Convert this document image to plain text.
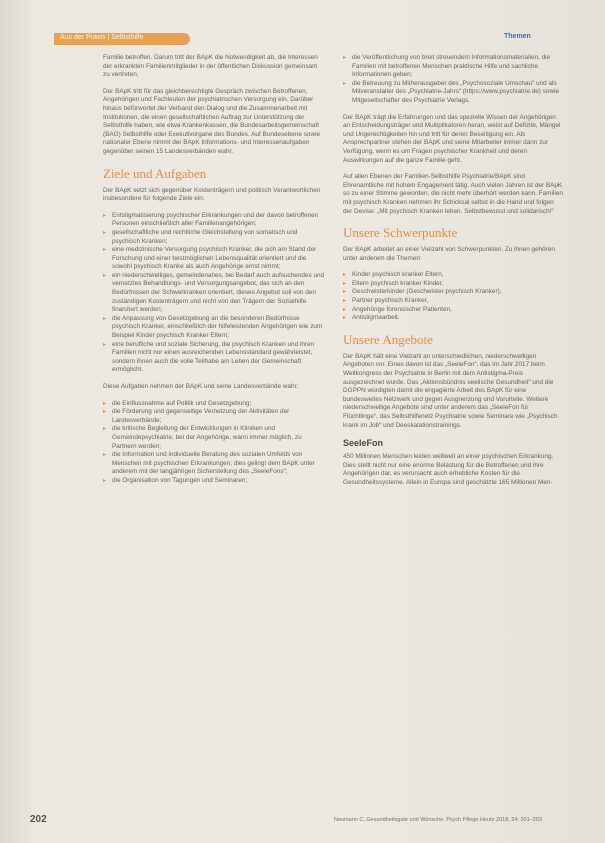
Aus der Praxis | Selbsthilfe	Themen

Familie betroffen. Darum tritt der BApK die Notwendigkeit ab, die Interessen der erkrankten Familienmitglieder in der öffentlichen Diskussion gemeinsam zu vertreten.

Der BApK tritt für das gleichberechtigte Gespräch zwischen Betroffenen, Angehörigen und Fachleuten der psychiatrischen Versorgung ein. Darüber hinaus befürwortet der Verband den Dialog und die Zusammenarbeit mit Institutionen, die einen gesellschaftlichen Auftrag zur Unterstützung der Selbsthilfe haben, wie etwa Krankenkassen, die Bundesarbeitsgemeinschaft (BAG) Selbsthilfe oder Exekutivorgane des Bundes. Auf Bundesebene sowie nationaler Ebene nimmt der BApK Informations- und Interessenaufgaben gegenüber seinen 15 Landesverbänden wahr.

Ziele und Aufgaben

Der BApK setzt sich gegenüber Kostenträgern und politisch Verantwortlichen insbesondere für folgende Ziele ein:

▸ Entstigmatisierung psychischer Erkrankungen und der davon betroffenen Personen einschließlich aller Familienangehörigen;
▸ gesellschaftliche und rechtliche Gleichstellung von somatisch und psychisch Kranken;
▸ eine medizinische Versorgung psychisch Kranker, die sich am Stand der Forschung und einer bestmöglichen Lebensqualität orientiert und die sowohl psychisch Kranke als auch Angehörige ernst nimmt;
▸ ein niederschwelliges, gemeindenahes, bei Bedarf auch aufsuchendes und vernetztes Behandlungs- und Versorgungsangebot, das sich an den Bedürfnissen der Schwerkranken orientiert, dieses Angebot soll von den zuständigen Kostenträgern und nicht von den Trägern der Sozialhilfe finanziert werden;
▸ die Anpassung von Gesetzgebung an die besonderen Bedürfnisse psychisch Kranker, einschließlich der hilfeleistenden Angehörigen wie zum Beispiel Kinder psychisch Kranker Eltern;
▸ eine berufliche und soziale Sicherung, die psychisch Kranken und ihren Familien nicht nur einen ausreichenden Lebensstandard gewährleistet, sondern ihnen auch die volle Teilhabe am Leben der Gemeinschaft ermöglicht.

Diese Aufgaben nehmen der BApK und seine Landesverbände wahr:

▸ die Einflussnahme auf Politik und Gesetzgebung;
▸ die Förderung und gegenseitige Vernetzung der Aktivitäten der Landesverbände;
▸ die kritische Begleitung der Entwicklungen in Kliniken und Gemeindepsychiatrie, bei der Angehörige, wann immer möglich, zu Partnern werden;
▸ die Information und individuelle Beratung des sozialen Umfelds von Menschen mit psychischen Erkrankungen; dies gelingt dem BApK unter anderem mit der langjährigen Sicherstellung des „SeeleFons“;
▸ die Organisation von Tagungen und Seminaren;
▸ die Veröffentlichung von breit streuendem Informationsmaterialien, die Familien mit betroffenen Menschen praktische Hilfe und sachliche Informationen geben;
▸ die Betreuung zu Mitherausgeber des „Psychosoziale Umschau“ und als Mitveranstalter des „Psychiatrie-Jahrs“ (https://www.psychiatrie.de) sowie Mitgesellschafter des Psychiatrie Verlags.

Der BApK trägt die Erfahrungen und das spezielle Wissen der Angehörigen an Entscheidungsträger und Multiplikatoren heran, weist auf Defizite, Mängel und Ungerechtigkeiten hin und tritt für deren Beseitigung ein. Als Ansprechpartner stehen der BApK und seine Mitarbeiter immer dann zur Verfügung, wenn es um Fragen psychischer Krankheit und deren Auswirkungen auf die ganze Familie geht.

Auf allen Ebenen der Familien-Selbsthilfe Psychiatrie/BApK sind Ehrenamtliche mit hohem Engagement tätig. Auch vielen Jahren ist der BApK so zu einer Stimme geworden, die nicht mehr überhört werden kann. Familien mit psychisch Kranken nehmen ihr Schicksal selbst in die Hand und folgen der Devise: „Mit psychisch Kranken leben. Selbstbewusst und solidarisch!“

Unsere Schwerpunkte

Der BApK arbeitet an einer Vielzahl von Schwerpunkten. Zu ihnen gehören unter anderem die Themen:

▸ Kinder psychisch kranker Eltern,
▸ Eltern psychisch kranker Kinder,
▸ Geschwisterkinder (Geschwister psychisch Kranker),
▸ Partner psychisch Kranker,
▸ Angehörige forensischer Patienten,
▸ Antistigmaarbeit.
Unsere Angebote

Der BApK hält eine Vielzahl an unterschiedlichen, niederschwelligen Angeboten vor. Eines davon ist das „SeeleFon“, das im Jahr 2017 beim Weltkongress der Psychiatrie in Berlin mit dem Antistigma-Preis ausgezeichnet wurde. Das „Aktionsbündnis seelische Gesundheit“ und die DGPPN würdigten damit die engagierte Arbeit des BApK für eine bundesweites Netzwerk und gegen Ausgrenzung und Vorurteile. Weitere niederschwellige Angebote sind unter anderem das „SeeleFon für Flüchtlinge“, das Selbsthilfenetz Psychiatrie sowie Seminare wie „Psychisch krank im Job“ und Deeskalationstrainings.

SeeleFon

450 Millionen Menschen leiden weltweit an einer psychischen Erkrankung. Dies stellt nicht nur eine enorme Belastung für die Betroffenen und ihre Angehörigen dar, es verursacht auch erhebliche Kosten für die Gesundheitssysteme. Allein in Europa sind geschätzte 165 Millionen Men-

202	Neumann C, Gesundheitsgute und Wünsche. Psych Pflege Heute 2018; 24: 201–203
